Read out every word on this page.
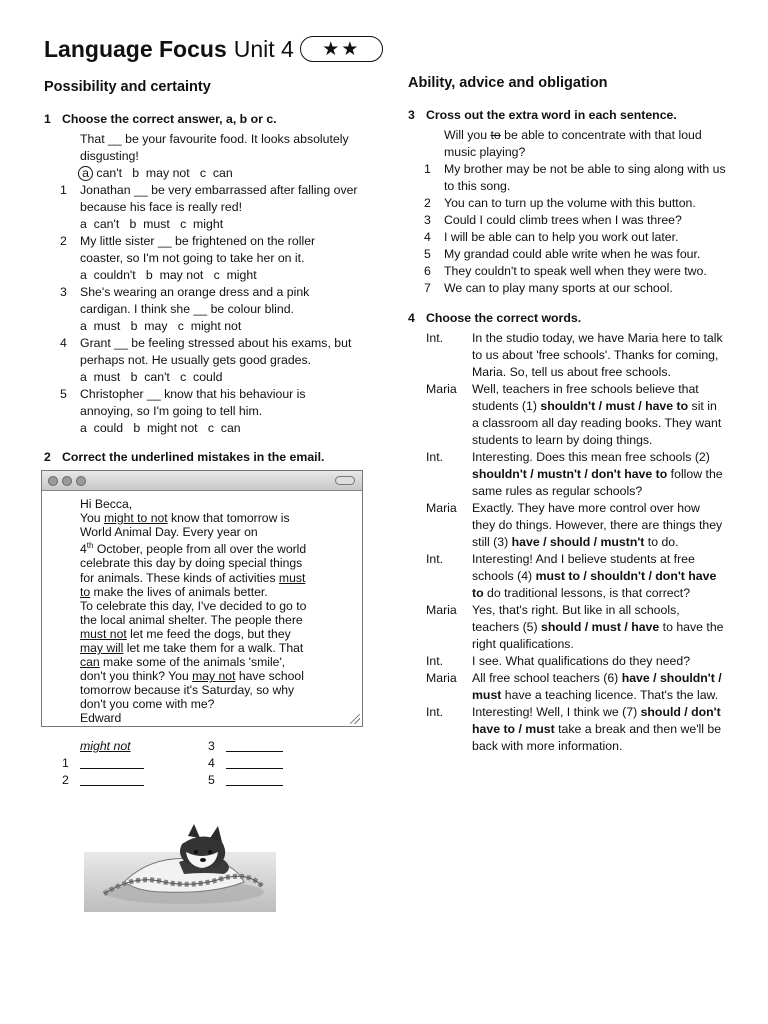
Language Focus Unit 4	★★
Possibility and certainty
1 Choose the correct answer, a, b or c.
That __ be your favourite food. It looks absolutely disgusting!
a can't   b  may not   c  can
1	Jonathan __ be very embarrassed after falling over because his face is really red!
a  can't   b  must   c  might
2	My little sister __ be frightened on the roller coaster, so I'm not going to take her on it.
a  couldn't   b  may not   c  might
3	She's wearing an orange dress and a pink cardigan. I think she __ be colour blind.
a  must   b  may   c  might not
4	Grant __ be feeling stressed about his exams, but perhaps not. He usually gets good grades.
a  must   b  can't   c  could
5	Christopher __ know that his behaviour is annoying, so I'm going to tell him.
a  could   b  might not   c  can
2 Correct the underlined mistakes in the email.
Hi Becca,
You might to not know that tomorrow is
World Animal Day. Every year on
4th October, people from all over the world
celebrate this day by doing special things
for animals. These kinds of activities must
to make the lives of animals better.
To celebrate this day, I've decided to go to
the local animal shelter. The people there
must not let me feed the dogs, but they
may will let me take them for a walk. That
can make some of the animals 'smile',
don't you think? You may not have school
tomorrow because it's Saturday, so why
don't you come with me?
Edward
might not
1
2
3
4
5
Ability, advice and obligation
3 Cross out the extra word in each sentence.
Will you to be able to concentrate with that loud music playing?
1	My brother may be not be able to sing along with us to this song.
2	You can to turn up the volume with this button.
3	Could I could climb trees when I was three?
4	I will be able can to help you work out later.
5	My grandad could able write when he was four.
6	They couldn't to speak well when they were two.
7	We can to play many sports at our school.
4 Choose the correct words.
Int.	In the studio today, we have Maria here to talk to us about 'free schools'. Thanks for coming, Maria. So, tell us about free schools.
Maria	Well, teachers in free schools believe that students (1) shouldn't / must / have to sit in a classroom all day reading books. They want students to learn by doing things.
Int.	Interesting. Does this mean free schools (2) shouldn't / mustn't / don't have to follow the same rules as regular schools?
Maria	Exactly. They have more control over how they do things. However, there are things they still (3) have / should / mustn't to do.
Int.	Interesting! And I believe students at free schools (4) must to / shouldn't / don't have to do traditional lessons, is that correct?
Maria	Yes, that's right. But like in all schools, teachers (5) should / must / have to have the right qualifications.
Int.	I see. What qualifications do they need?
Maria	All free school teachers (6) have / shouldn't / must have a teaching licence. That's the law.
Int.	Interesting! Well, I think we (7) should / don't have to / must take a break and then we'll be back with more information.
